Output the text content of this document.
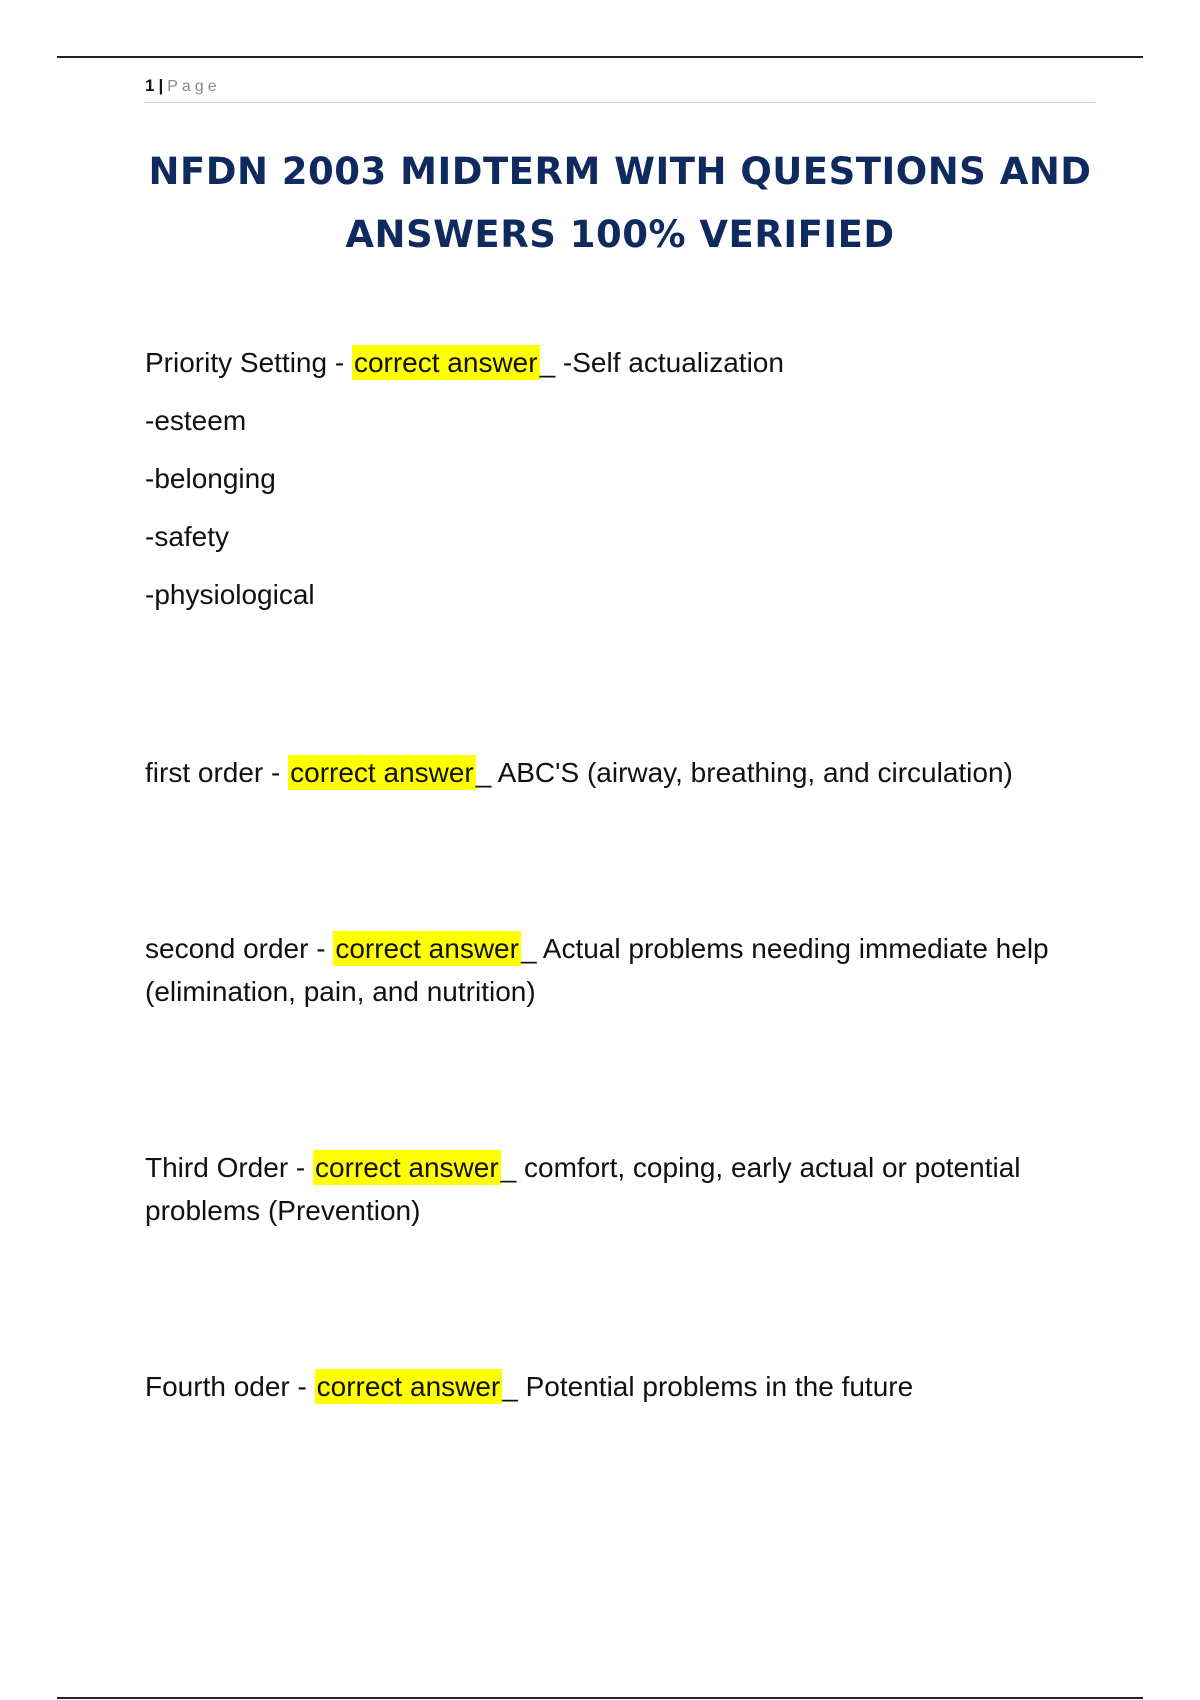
1 | Page
NFDN 2003 MIDTERM WITH QUESTIONS AND ANSWERS 100% VERIFIED
Priority Setting - correct answer_ -Self actualization
-esteem
-belonging
-safety
-physiological
first order - correct answer_ ABC'S (airway, breathing, and circulation)
second order - correct answer_ Actual problems needing immediate help (elimination, pain, and nutrition)
Third Order - correct answer_ comfort, coping, early actual or potential problems (Prevention)
Fourth oder - correct answer_ Potential problems in the future
